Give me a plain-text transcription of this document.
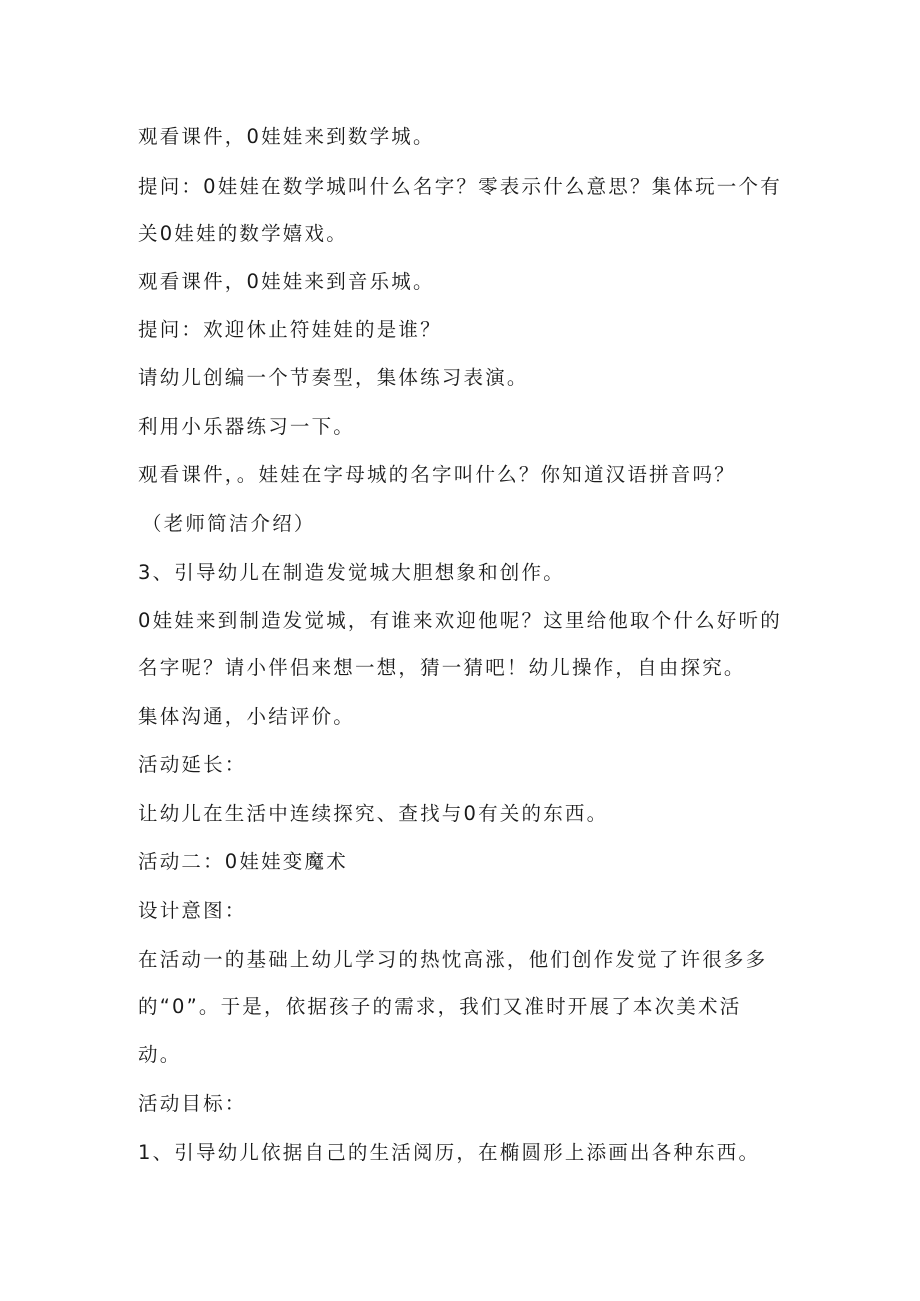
观看课件，0娃娃来到数学城。
提问：0娃娃在数学城叫什么名字？零表示什么意思？集体玩一个有
关0娃娃的数学嬉戏。
观看课件，0娃娃来到音乐城。
提问：欢迎休止符娃娃的是谁？
请幼儿创编一个节奏型，集体练习表演。
利用小乐器练习一下。
观看课件，。娃娃在字母城的名字叫什么？你知道汉语拼音吗？
（老师简洁介绍）
3、引导幼儿在制造发觉城大胆想象和创作。
0娃娃来到制造发觉城，有谁来欢迎他呢？这里给他取个什么好听的
名字呢？请小伴侣来想一想，猜一猜吧！幼儿操作，自由探究。
集体沟通，小结评价。
活动延长：
让幼儿在生活中连续探究、查找与0有关的东西。
活动二：0娃娃变魔术
设计意图：
在活动一的基础上幼儿学习的热忱高涨，他们创作发觉了许很多多
的“0”。于是，依据孩子的需求，我们又准时开展了本次美术活
动。
活动目标：
1、引导幼儿依据自己的生活阅历，在椭圆形上添画出各种东西。
